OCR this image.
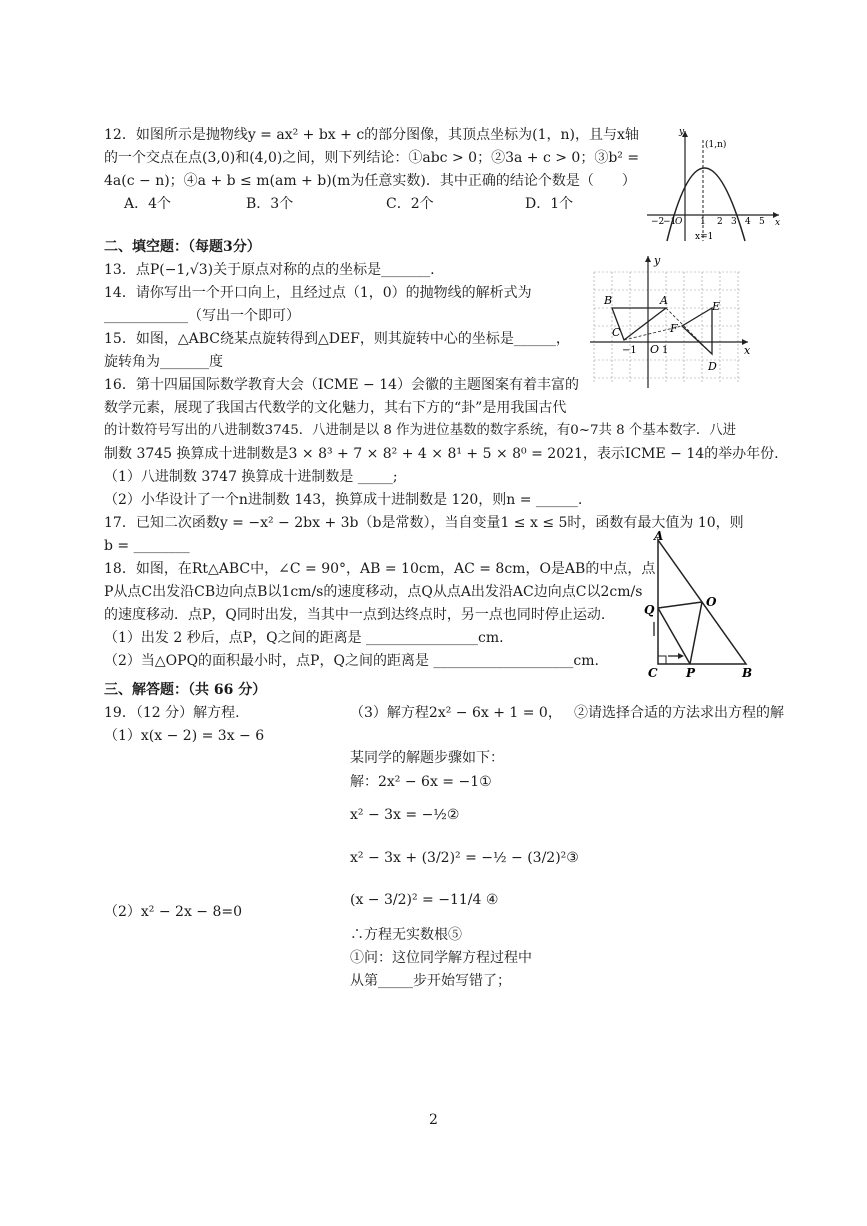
12．如图所示是抛物线y = ax² + bx + c的部分图像，其顶点坐标为(1，n)，且与x轴
的一个交点在点(3,0)和(4,0)之间，则下列结论：①abc > 0；②3a + c > 0；③b² =
4a(c − n)；④a + b ≤ m(am + b)(m为任意实数)．其中正确的结论个数是（　　）
A．4个	B．3个	C．2个	D．1个
y
x
(1,n)
O
−2
−1	1 2 3 4 5
x=1
二、填空题：（每题3分）
13．点P(−1,√3)关于原点对称的点的坐标是_______.
14．请你写出一个开口向上，且经过点（1，0）的抛物线的解析式为
____________（写出一个即可）
15．如图，△ABC绕某点旋转得到△DEF，则其旋转中心的坐标是______，
旋转角为_______度
16．第十四届国际数学教育大会（ICME − 14）会徽的主题图案有着丰富的
数学元素，展现了我国古代数学的文化魅力，其右下方的“卦”是用我国古代
的计数符号写出的八进制数3745．八进制是以 8 作为进位基数的数字系统，有0~7共 8 个基本数字．八进
制数 3745 换算成十进制数是3 × 8³ + 7 × 8² + 4 × 8¹ + 5 × 8⁰ = 2021，表示ICME − 14的举办年份.
（1）八进制数 3747 换算成十进制数是 _____;
（2）小华设计了一个n进制数 143，换算成十进制数是 120，则n = ______.
17．已知二次函数y = −x² − 2bx + 3b（b是常数），当自变量1 ≤ x ≤ 5时，函数有最大值为 10，则
b = ________
18．如图，在Rt△ABC中，∠C = 90°，AB = 10cm，AC = 8cm，O是AB的中点，点
P从点C出发沿CB边向点B以1cm/s的速度移动，点Q从点A出发沿AC边向点C以2cm/s
的速度移动．点P，Q同时出发，当其中一点到达终点时，另一点也同时停止运动.
（1）出发 2 秒后，点P，Q之间的距离是 ________________cm.
（2）当△OPQ的面积最小时，点P，Q之间的距离是 ____________________cm.
y
x
B	A
C
E
F
D
O
−1	1
A
Q
O
C P	B
三、解答题：（共 66 分）
19．（12 分）解方程.
（1）x(x − 2) = 3x − 6
（2）x² − 2x − 8=0
（3）解方程2x² − 6x + 1 = 0， ②请选择合适的方法求出方程的解
某同学的解题步骤如下：
解：2x² − 6x = −1①
x² − 3x = −½②
x² − 3x + (3/2)² = −½ − (3/2)²③
(x − 3/2)² = −11/4 ④
∴方程无实数根⑤
①问：这位同学解方程过程中
从第_____步开始写错了；
2
